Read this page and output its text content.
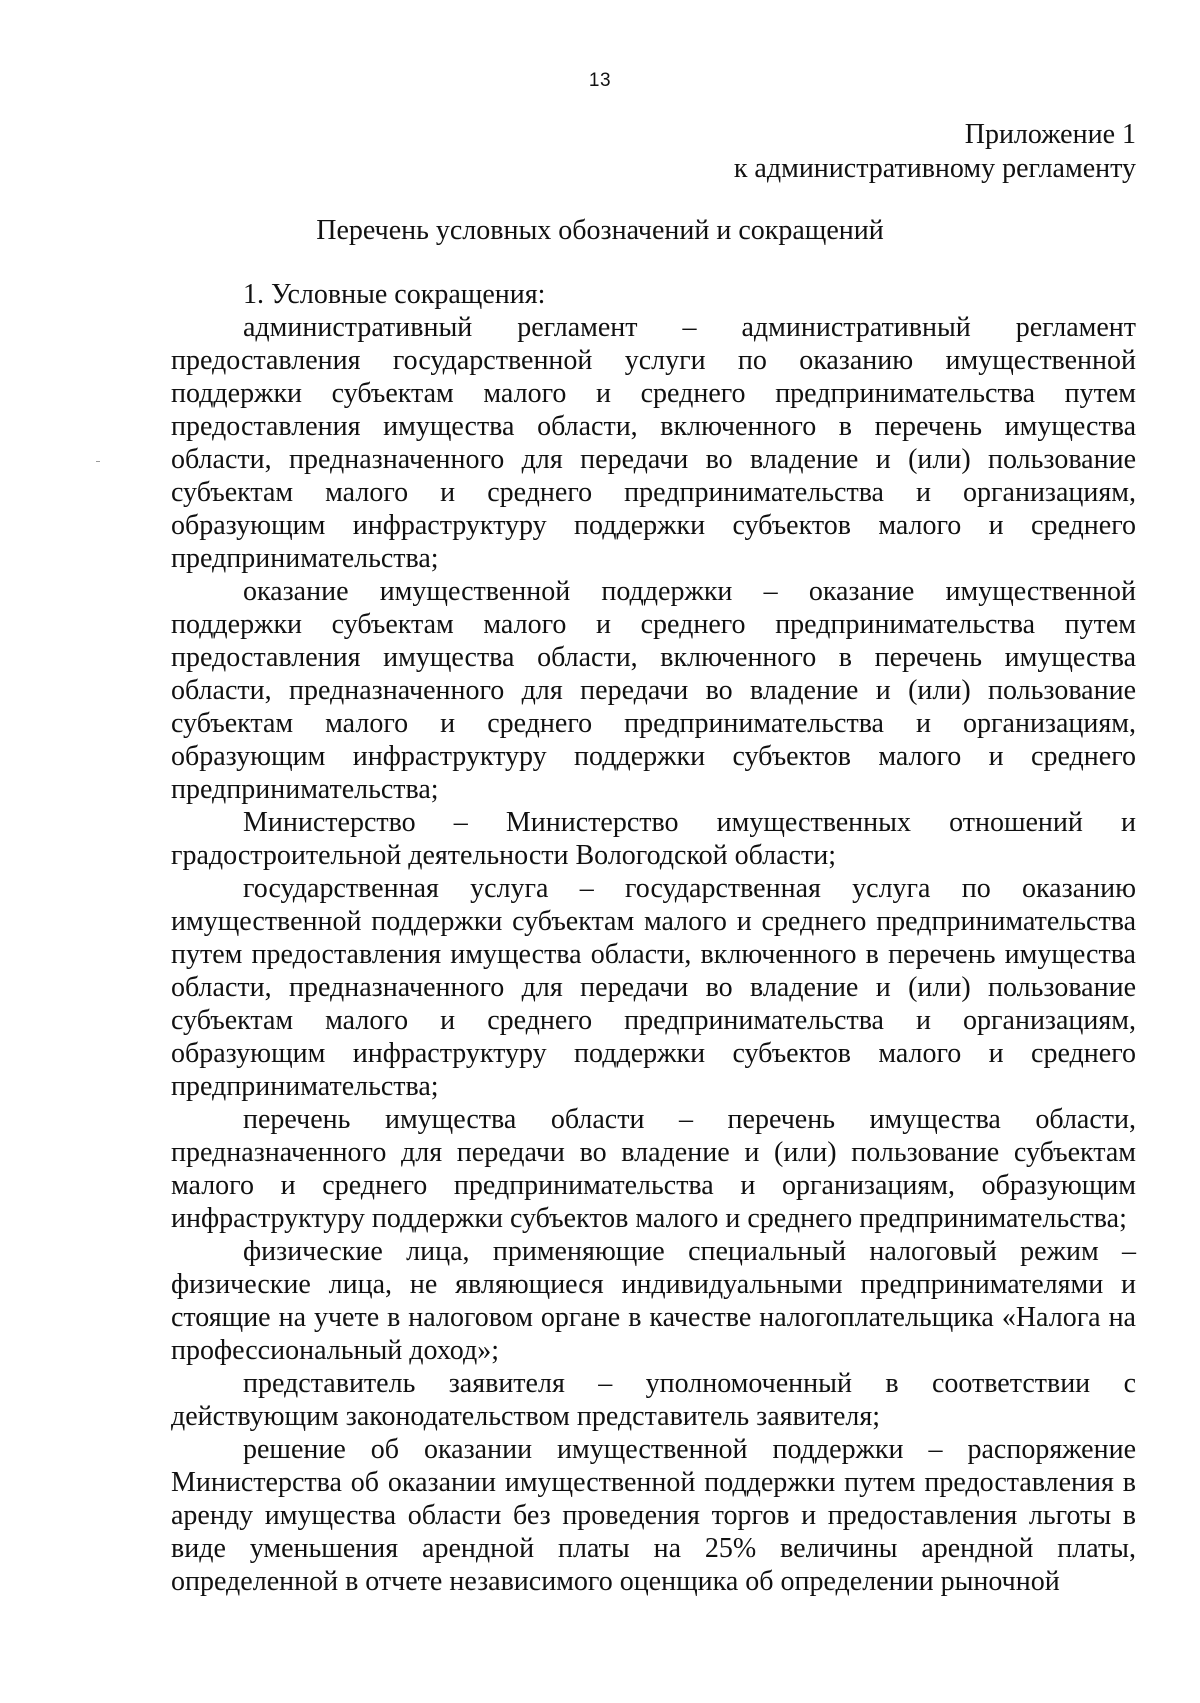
13
Приложение 1
к административному регламенту
Перечень условных обозначений и сокращений

1. Условные сокращения:

административный регламент – административный регламент предоставления государственной услуги по оказанию имущественной поддержки субъектам малого и среднего предпринимательства путем предоставления имущества области, включенного в перечень имущества области, предназначенного для передачи во владение и (или) пользование субъектам малого и среднего предпринимательства и организациям, образующим инфраструктуру поддержки субъектов малого и среднего предпринимательства;

оказание имущественной поддержки – оказание имущественной поддержки субъектам малого и среднего предпринимательства путем предоставления имущества области, включенного в перечень имущества области, предназначенного для передачи во владение и (или) пользование субъектам малого и среднего предпринимательства и организациям, образующим инфраструктуру поддержки субъектов малого и среднего предпринимательства;

Министерство – Министерство имущественных отношений и градостроительной деятельности Вологодской области;

государственная услуга – государственная услуга по оказанию имущественной поддержки субъектам малого и среднего предпринимательства путем предоставления имущества области, включенного в перечень имущества области, предназначенного для передачи во владение и (или) пользование субъектам малого и среднего предпринимательства и организациям, образующим инфраструктуру поддержки субъектов малого и среднего предпринимательства;

перечень имущества области – перечень имущества области, предназначенного для передачи во владение и (или) пользование субъектам малого и среднего предпринимательства и организациям, образующим инфраструктуру поддержки субъектов малого и среднего предпринимательства;

физические лица, применяющие специальный налоговый режим – физические лица, не являющиеся индивидуальными предпринимателями и стоящие на учете в налоговом органе в качестве налогоплательщика «Налога на профессиональный доход»;

представитель заявителя – уполномоченный в соответствии с действующим законодательством представитель заявителя;

решение об оказании имущественной поддержки – распоряжение Министерства об оказании имущественной поддержки путем предоставления в аренду имущества области без проведения торгов и предоставления льготы в виде уменьшения арендной платы на 25% величины арендной платы, определенной в отчете независимого оценщика об определении рыночной
